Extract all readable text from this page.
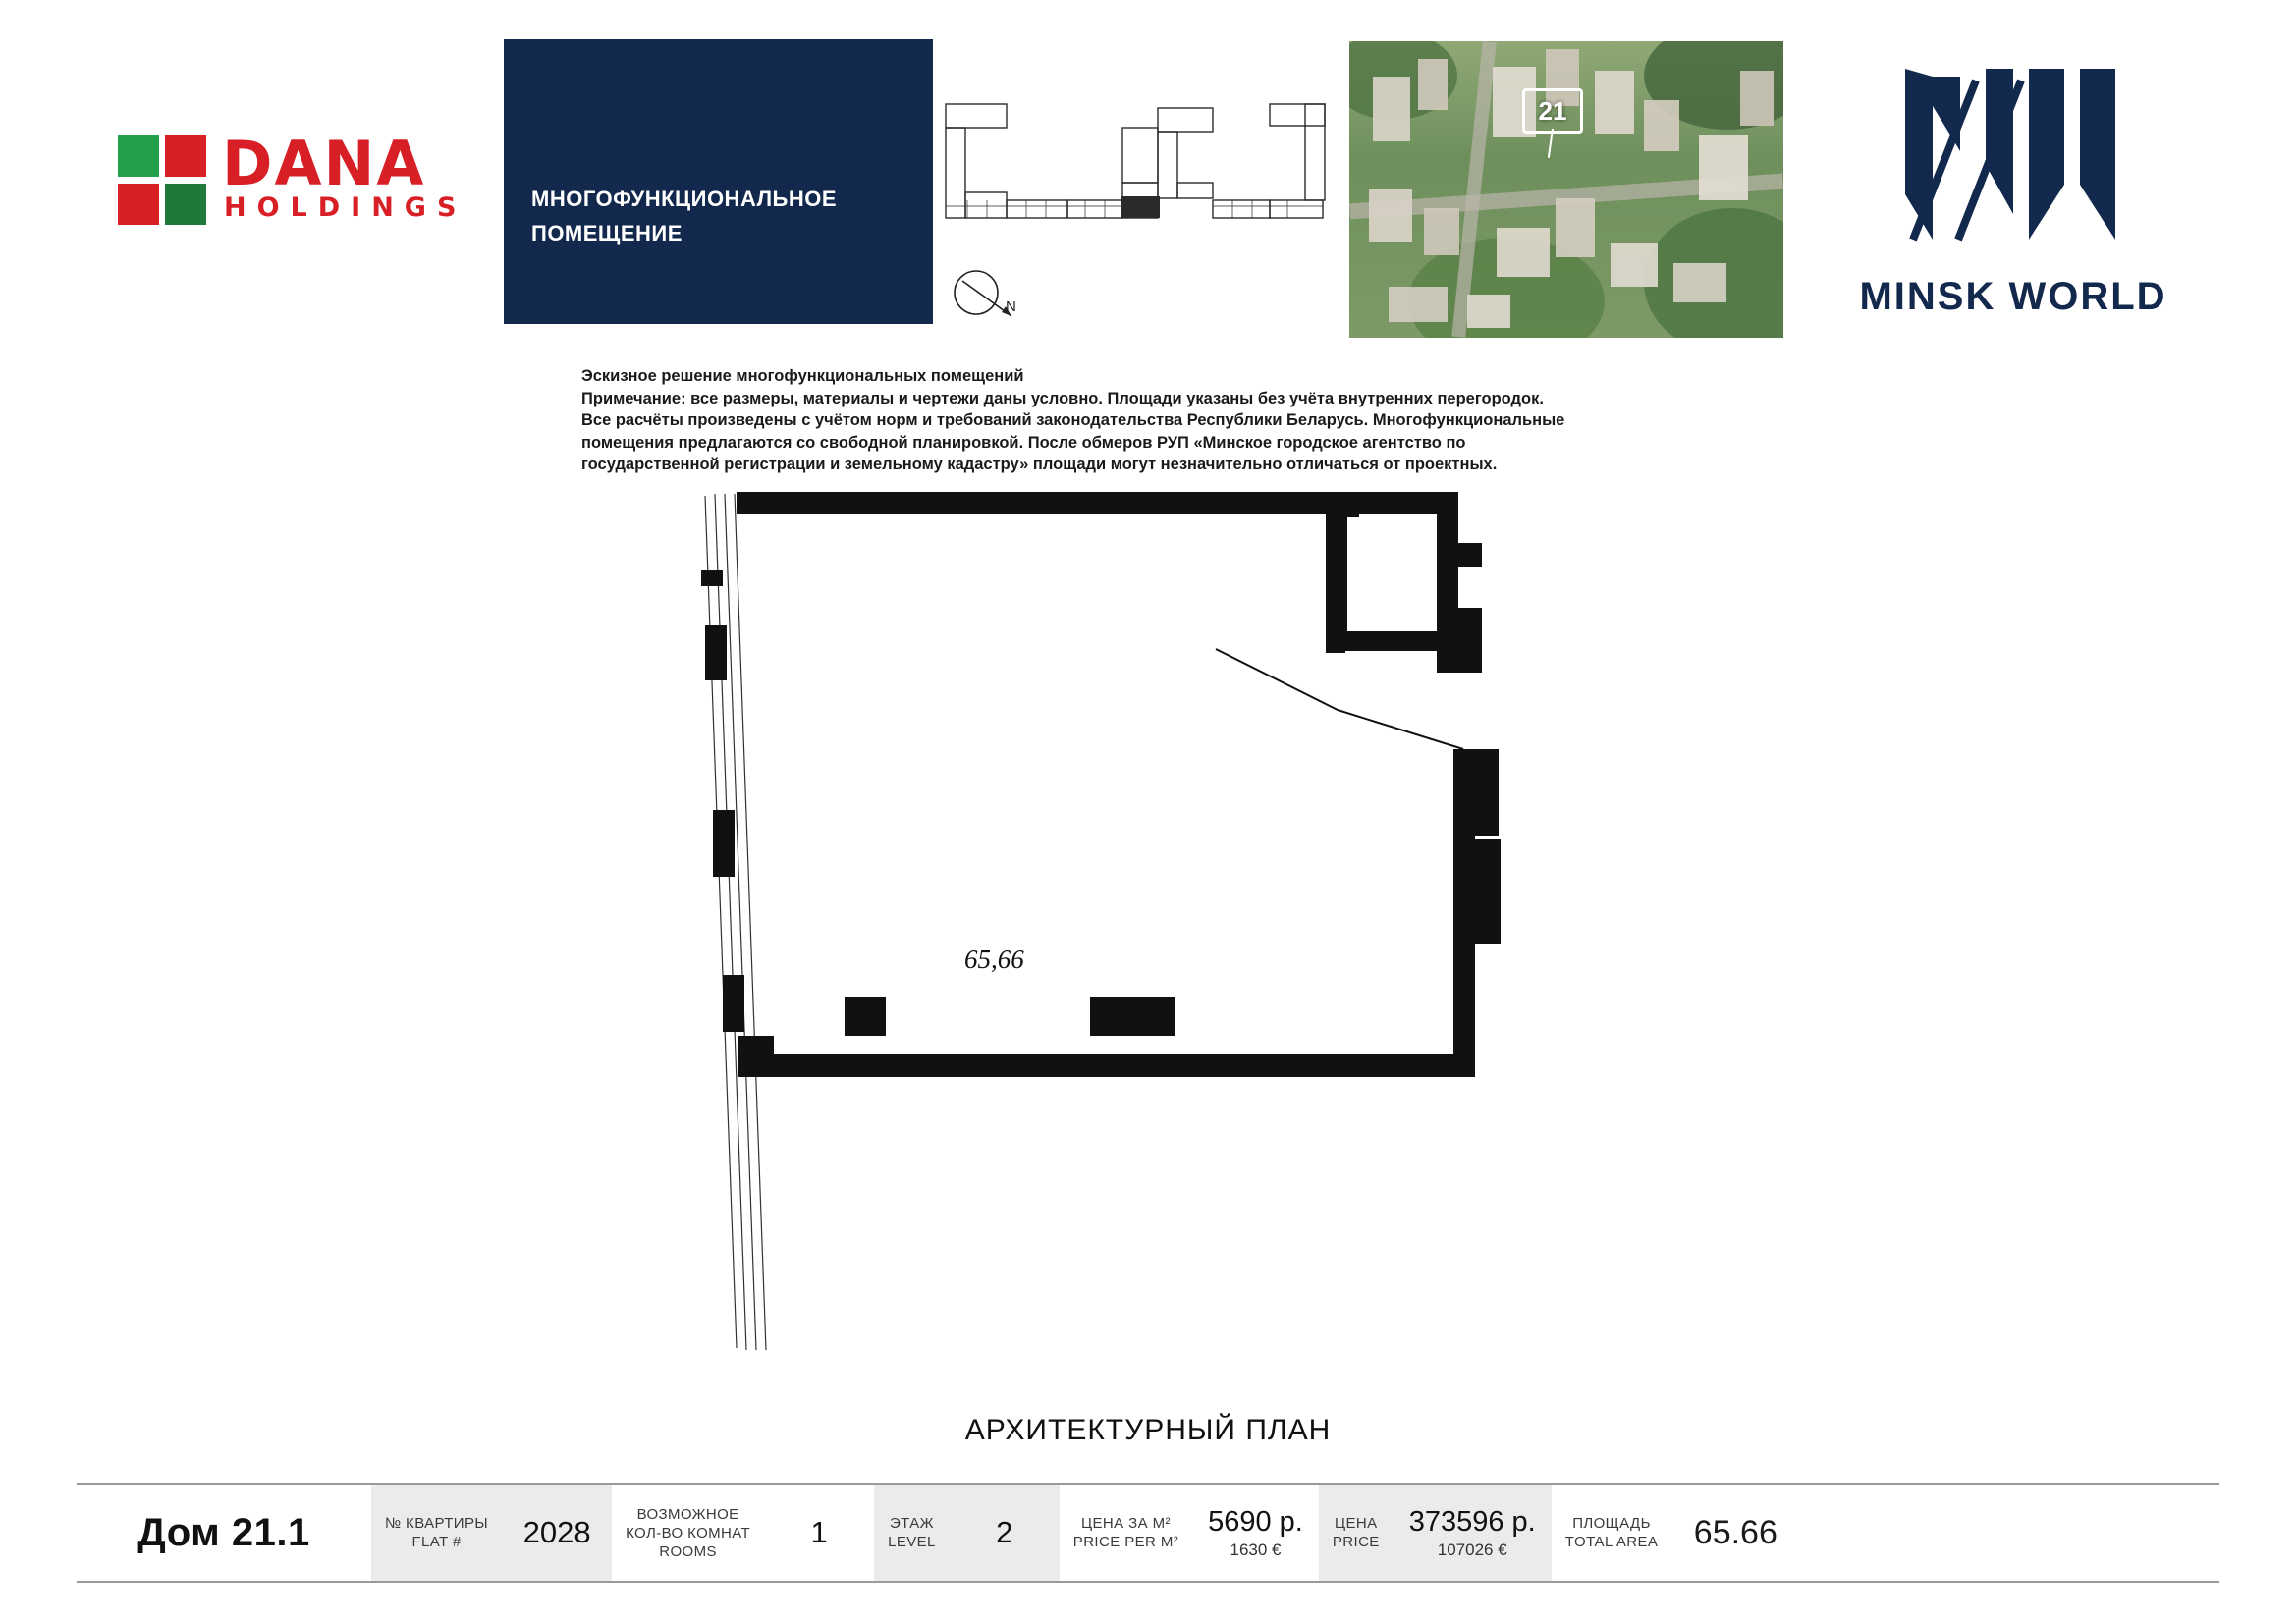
DANA
HOLDINGS	МНОГОФУНКЦИОНАЛЬНОЕ
ПОМЕЩЕНИЕ
N
21
MINSK WORLD
Эскизное решение многофункциональных помещений
Примечание: все размеры, материалы и чертежи даны условно. Площади указаны без учёта внутренних перегородок.
Все расчёты произведены с учётом норм и требований законодательства Республики Беларусь. Многофункциональные
помещения предлагаются со свободной планировкой. После обмеров РУП «Минское городское агентство по
государственной регистрации и земельному кадастру» площади могут незначительно отличаться от проектных.
65,66
АРХИТЕКТУРНЫЙ ПЛАН
Дом 21.1	№ КВАРТИРЫ
FLAT #	2028
ВОЗМОЖНОЕ
КОЛ-ВО КОМНАТ
ROOMS
1	ЭТАЖ
LEVEL	2	ЦЕНА ЗА М²
PRICE PER M²
5690 р.
1630 €
ЦЕНА
PRICE
373596 р.
107026 €
ПЛОЩАДЬ
TOTAL AREA	65.66
